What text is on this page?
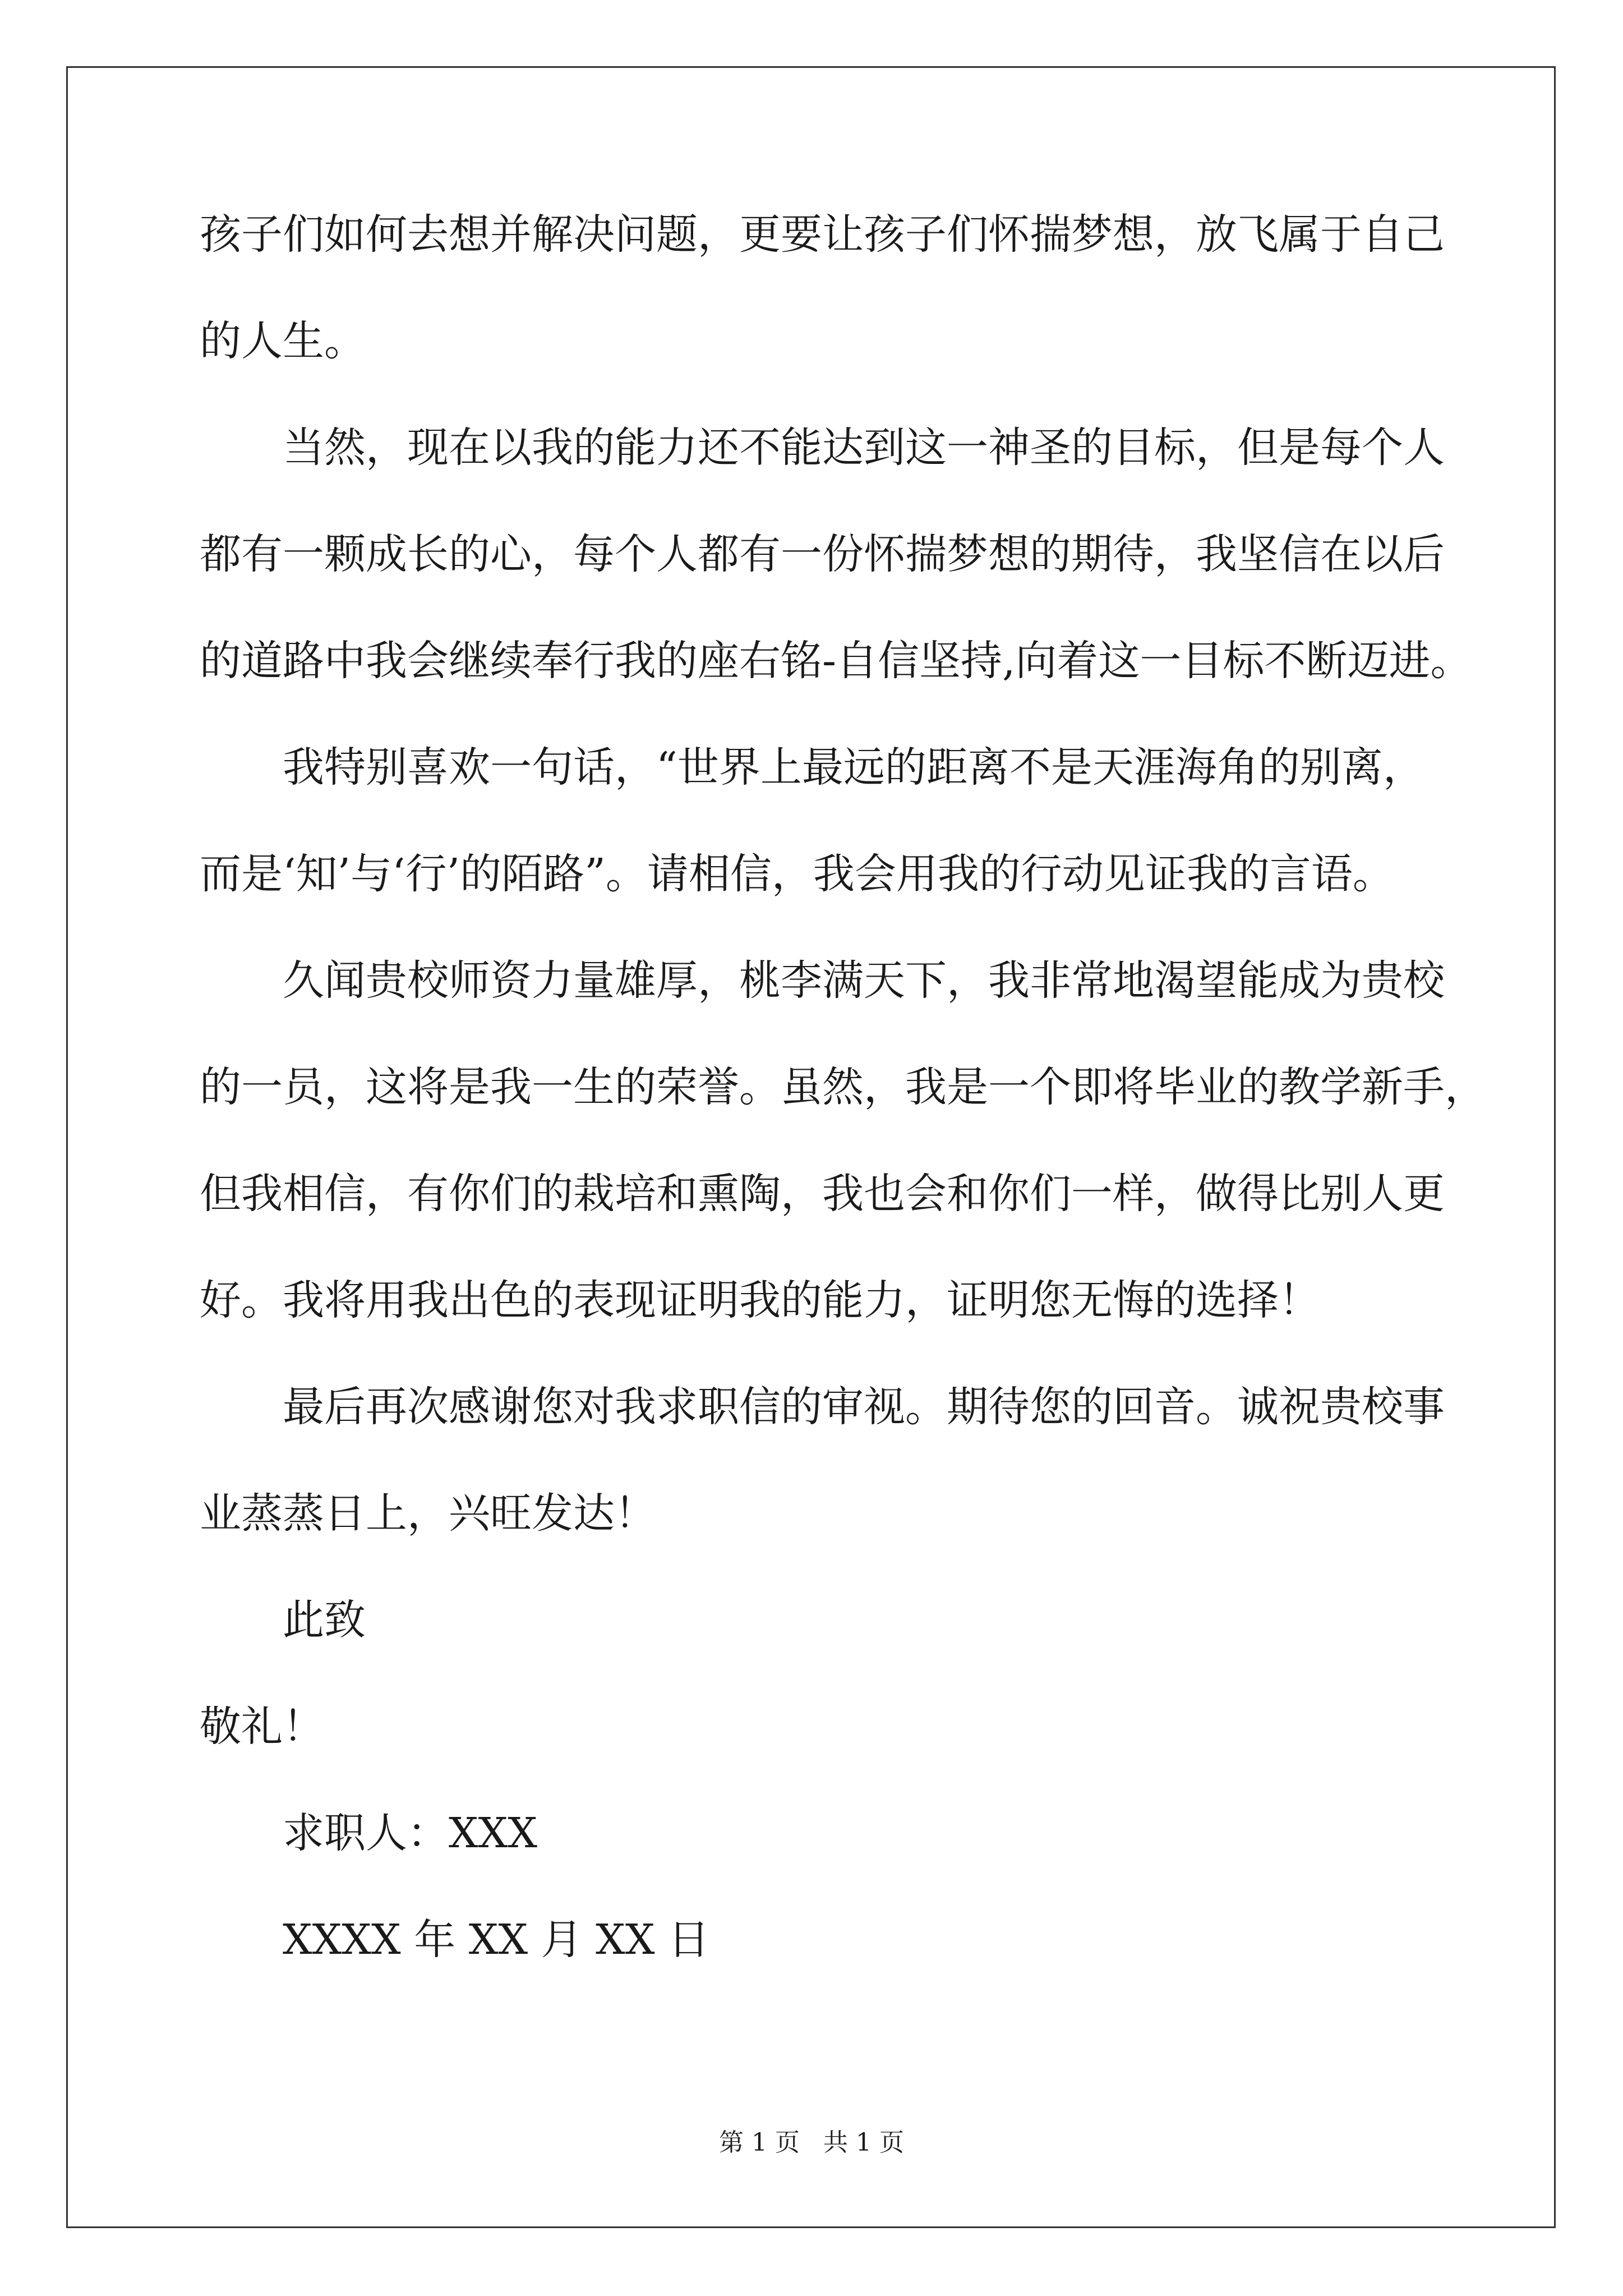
孩子们如何去想并解决问题，更要让孩子们怀揣梦想，放飞属于自己
的人生。
当然，现在以我的能力还不能达到这一神圣的目标，但是每个人
都有一颗成长的心，每个人都有一份怀揣梦想的期待，我坚信在以后
的道路中我会继续奉行我的座右铭-自信坚持,向着这一目标不断迈进。
我特别喜欢一句话，“世界上最远的距离不是天涯海角的别离，
而是‘知’与‘行’的陌路”。请相信，我会用我的行动见证我的言语。
久闻贵校师资力量雄厚，桃李满天下，我非常地渴望能成为贵校
的一员，这将是我一生的荣誉。虽然，我是一个即将毕业的教学新手，
但我相信，有你们的栽培和熏陶，我也会和你们一样，做得比别人更
好。我将用我出色的表现证明我的能力，证明您无悔的选择！
最后再次感谢您对我求职信的审视。期待您的回音。诚祝贵校事
业蒸蒸日上，兴旺发达！
此致
敬礼！
求职人：XXX
XXXX 年 XX 月 XX 日
第 1 页 共 1 页
